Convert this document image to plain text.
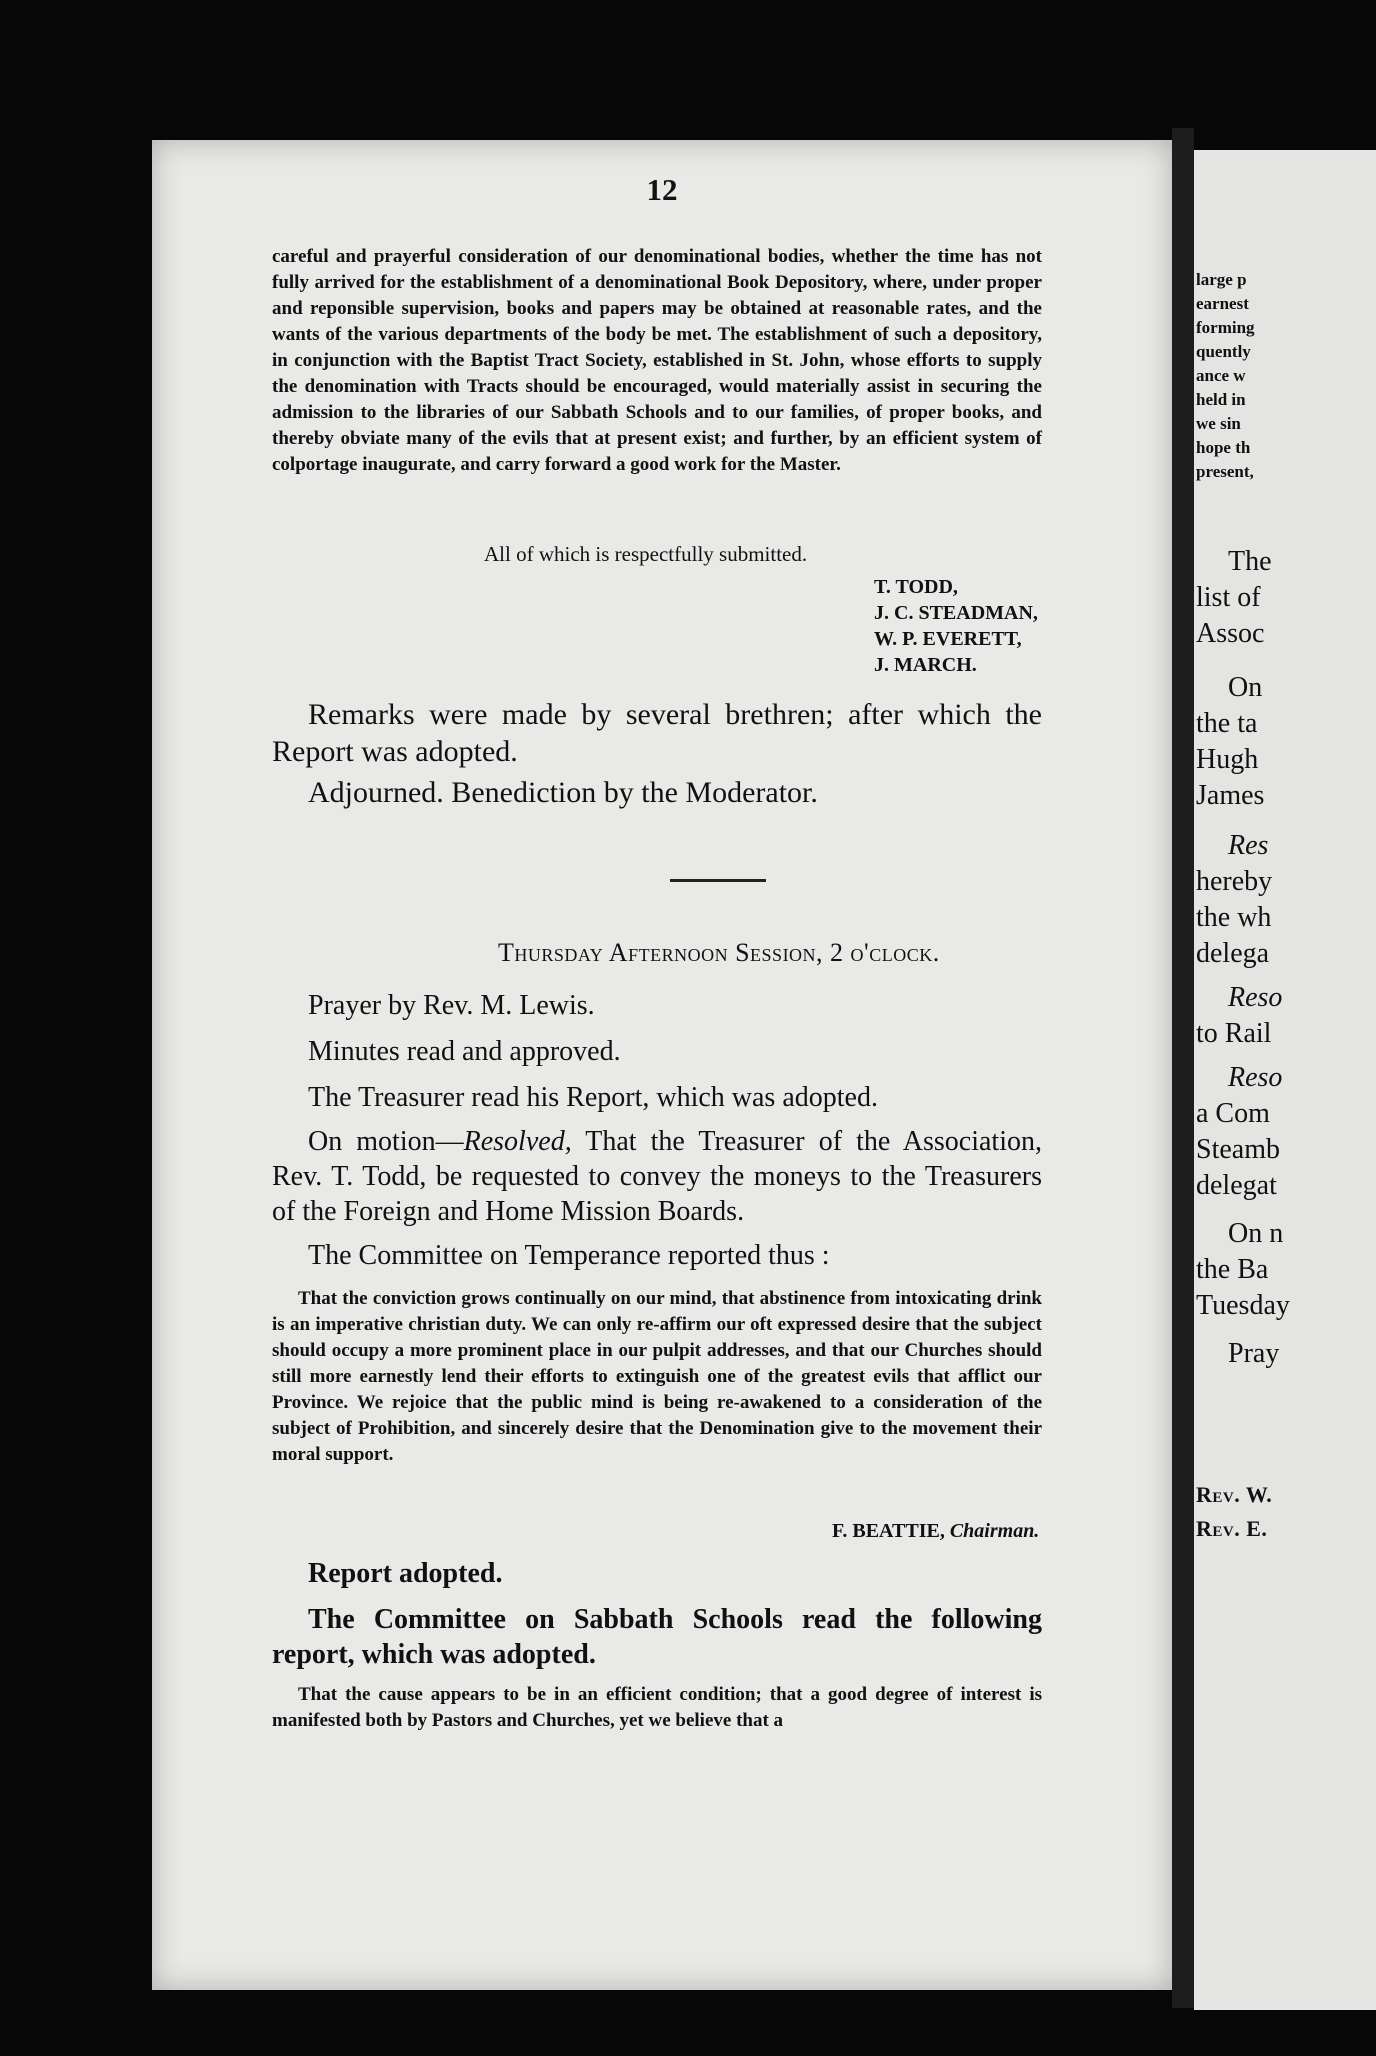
12

careful and prayerful consideration of our denominational bodies, whether the time has not fully arrived for the establishment of a denominational Book Depository, where, under proper and reponsible supervision, books and papers may be obtained at reasonable rates, and the wants of the various departments of the body be met. The establishment of such a depository, in conjunction with the Baptist Tract Society, established in St. John, whose efforts to supply the denomination with Tracts should be encouraged, would materially assist in securing the admission to the libraries of our Sabbath Schools and to our families, of proper books, and thereby obviate many of the evils that at present exist; and further, by an efficient system of colportage inaugurate, and carry forward a good work for the Master.

All of which is respectfully submitted.

T. TODD,
J. C. STEADMAN,
W. P. EVERETT,
J. MARCH.

Remarks were made by several brethren; after which the Report was adopted.

Adjourned. Benediction by the Moderator.

Thursday Afternoon Session, 2 o'clock.

Prayer by Rev. M. Lewis.

Minutes read and approved.

The Treasurer read his Report, which was adopted.

On motion—Resolved, That the Treasurer of the Association, Rev. T. Todd, be requested to convey the moneys to the Treasurers of the Foreign and Home Mission Boards.

The Committee on Temperance reported thus :

That the conviction grows continually on our mind, that abstinence from intoxicating drink is an imperative christian duty. We can only re-affirm our oft expressed desire that the subject should occupy a more prominent place in our pulpit addresses, and that our Churches should still more earnestly lend their efforts to extinguish one of the greatest evils that afflict our Province. We rejoice that the public mind is being re-awakened to a consideration of the subject of Prohibition, and sincerely desire that the Denomination give to the movement their moral support.

F. BEATTIE, Chairman.

Report adopted.

The Committee on Sabbath Schools read the following report, which was adopted.

That the cause appears to be in an efficient condition; that a good degree of interest is manifested both by Pastors and Churches, yet we believe that a

large p
earnest
forming
quently
ance w
held in
we sin
hope th
present,
The
list of
Assoc
On
the ta
Hugh
James
Res
hereby
the wh
delega
Reso
to Rail
Reso
a Com
Steamb
delegat
On n
the Ba
Tuesday
Pray
Rev. W.
Rev. E.
